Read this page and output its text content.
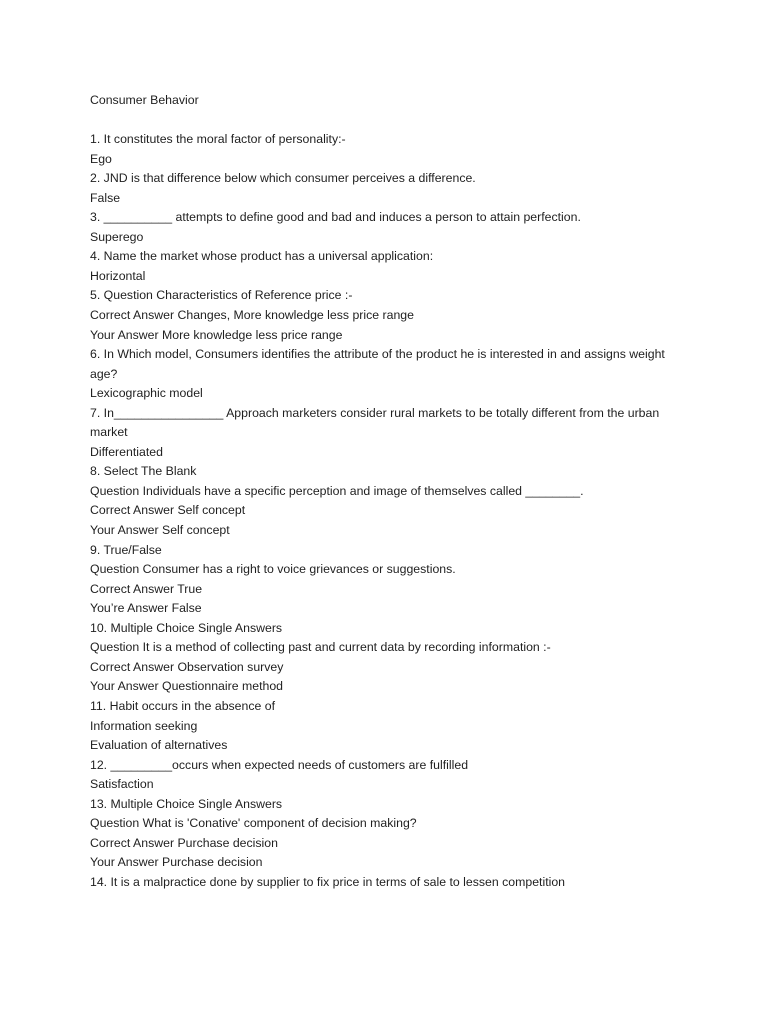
Consumer Behavior
1. It constitutes the moral factor of personality:-
Ego
2. JND is that difference below which consumer perceives a difference.
False
3. __________ attempts to define good and bad and induces a person to attain perfection.
Superego
4. Name the market whose product has a universal application:
Horizontal
5. Question Characteristics of Reference price :-
Correct Answer Changes, More knowledge less price range
Your Answer More knowledge less price range
6. In Which model, Consumers identifies the attribute of the product he is interested in and assigns weight
age?
Lexicographic model
7. In________________ Approach marketers consider rural markets to be totally different from the urban
market
Differentiated
8. Select The Blank
Question Individuals have a specific perception and image of themselves called ________.
Correct Answer Self concept
Your Answer Self concept
9. True/False
Question Consumer has a right to voice grievances or suggestions.
Correct Answer True
You’re Answer False
10. Multiple Choice Single Answers
Question It is a method of collecting past and current data by recording information :-
Correct Answer Observation survey
Your Answer Questionnaire method
11. Habit occurs in the absence of
Information seeking
Evaluation of alternatives
12. _________occurs when expected needs of customers are fulfilled
Satisfaction
13. Multiple Choice Single Answers
Question What is 'Conative' component of decision making?
Correct Answer Purchase decision
Your Answer Purchase decision
14. It is a malpractice done by supplier to fix price in terms of sale to lessen competition
